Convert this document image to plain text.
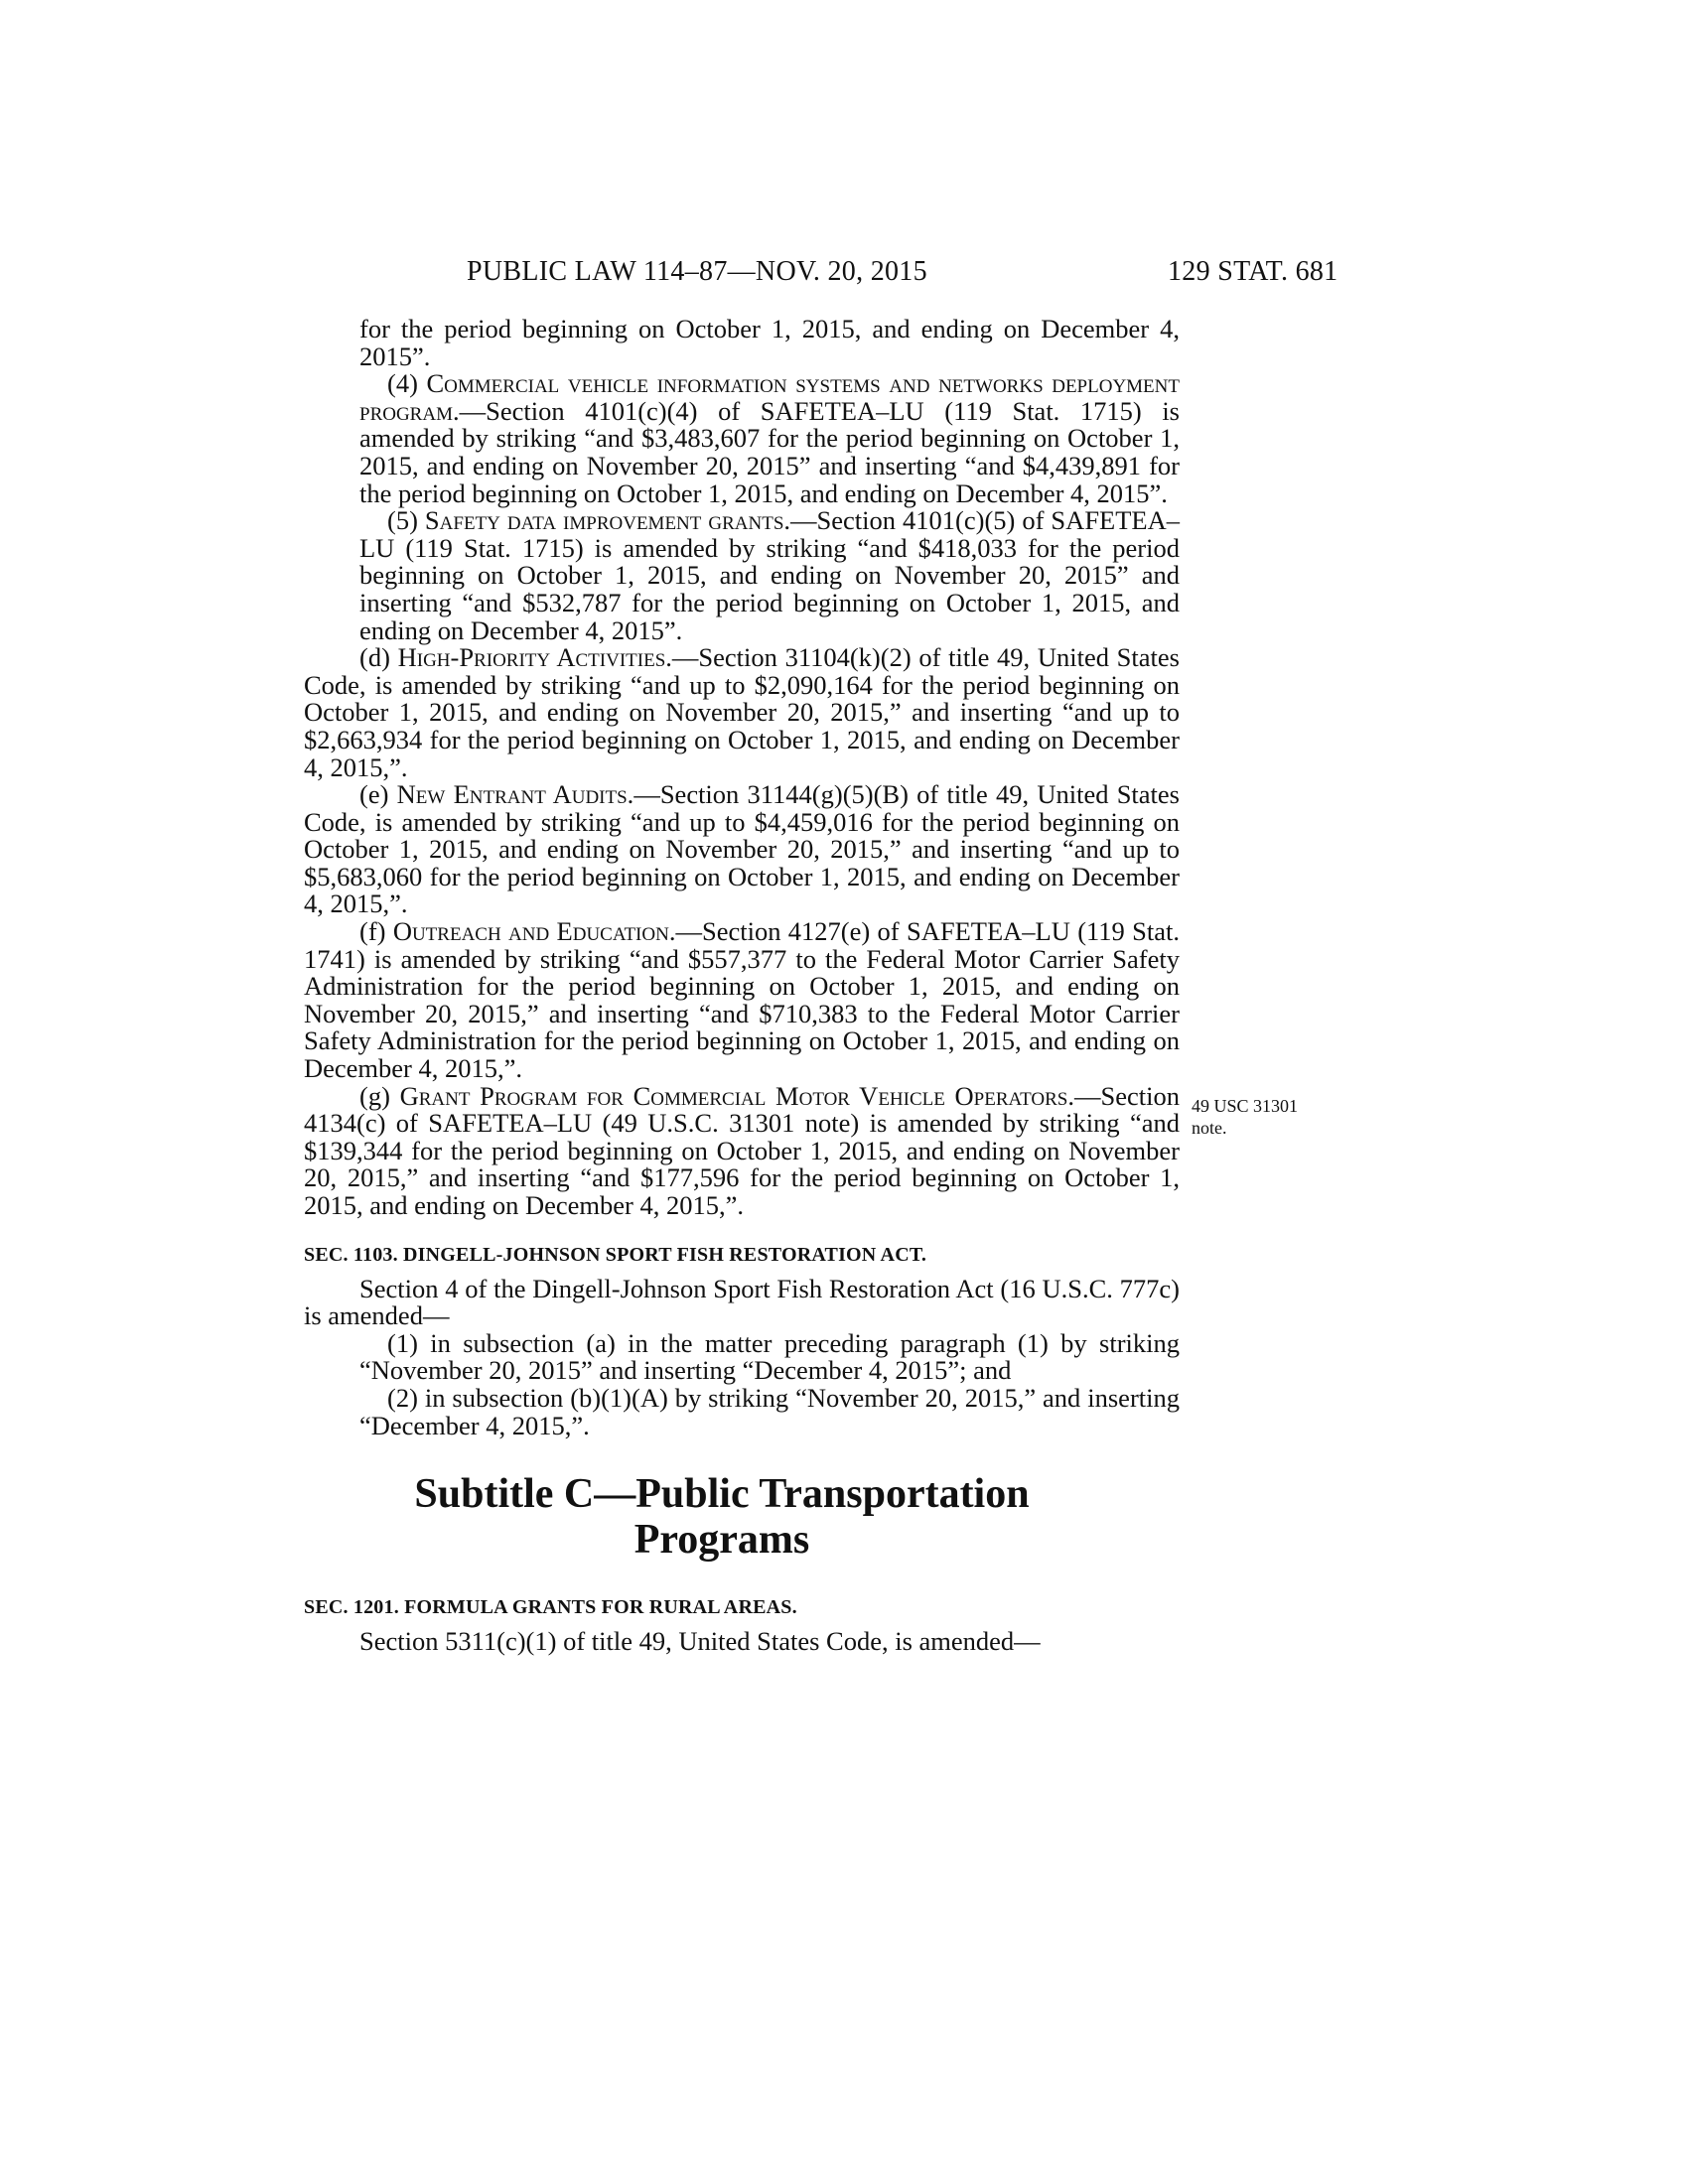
PUBLIC LAW 114–87—NOV. 20, 2015	129 STAT. 681
49 USC 31301
note.

for the period beginning on October 1, 2015, and ending on December 4, 2015”.

(4) Commercial vehicle information systems and networks deployment program.—Section 4101(c)(4) of SAFETEA–LU (119 Stat. 1715) is amended by striking “and $3,483,607 for the period beginning on October 1, 2015, and ending on November 20, 2015” and inserting “and $4,439,891 for the period beginning on October 1, 2015, and ending on December 4, 2015”.

(5) Safety data improvement grants.—Section 4101(c)(5) of SAFETEA–LU (119 Stat. 1715) is amended by striking “and $418,033 for the period beginning on October 1, 2015, and ending on November 20, 2015” and inserting “and $532,787 for the period beginning on October 1, 2015, and ending on December 4, 2015”.

(d) High-Priority Activities.—Section 31104(k)(2) of title 49, United States Code, is amended by striking “and up to $2,090,164 for the period beginning on October 1, 2015, and ending on November 20, 2015,” and inserting “and up to $2,663,934 for the period beginning on October 1, 2015, and ending on December 4, 2015,”.

(e) New Entrant Audits.—Section 31144(g)(5)(B) of title 49, United States Code, is amended by striking “and up to $4,459,016 for the period beginning on October 1, 2015, and ending on November 20, 2015,” and inserting “and up to $5,683,060 for the period beginning on October 1, 2015, and ending on December 4, 2015,”.

(f) Outreach and Education.—Section 4127(e) of SAFETEA–LU (119 Stat. 1741) is amended by striking “and $557,377 to the Federal Motor Carrier Safety Administration for the period beginning on October 1, 2015, and ending on November 20, 2015,” and inserting “and $710,383 to the Federal Motor Carrier Safety Administration for the period beginning on October 1, 2015, and ending on December 4, 2015,”.

(g) Grant Program for Commercial Motor Vehicle Operators.—Section 4134(c) of SAFETEA–LU (49 U.S.C. 31301 note) is amended by striking “and $139,344 for the period beginning on October 1, 2015, and ending on November 20, 2015,” and inserting “and $177,596 for the period beginning on October 1, 2015, and ending on December 4, 2015,”.

SEC. 1103. DINGELL-JOHNSON SPORT FISH RESTORATION ACT.

Section 4 of the Dingell-Johnson Sport Fish Restoration Act (16 U.S.C. 777c) is amended—

(1) in subsection (a) in the matter preceding paragraph (1) by striking “November 20, 2015” and inserting “December 4, 2015”; and

(2) in subsection (b)(1)(A) by striking “November 20, 2015,” and inserting “December 4, 2015,”.

Subtitle C—Public Transportation
Programs
SEC. 1201. FORMULA GRANTS FOR RURAL AREAS.

Section 5311(c)(1) of title 49, United States Code, is amended—
